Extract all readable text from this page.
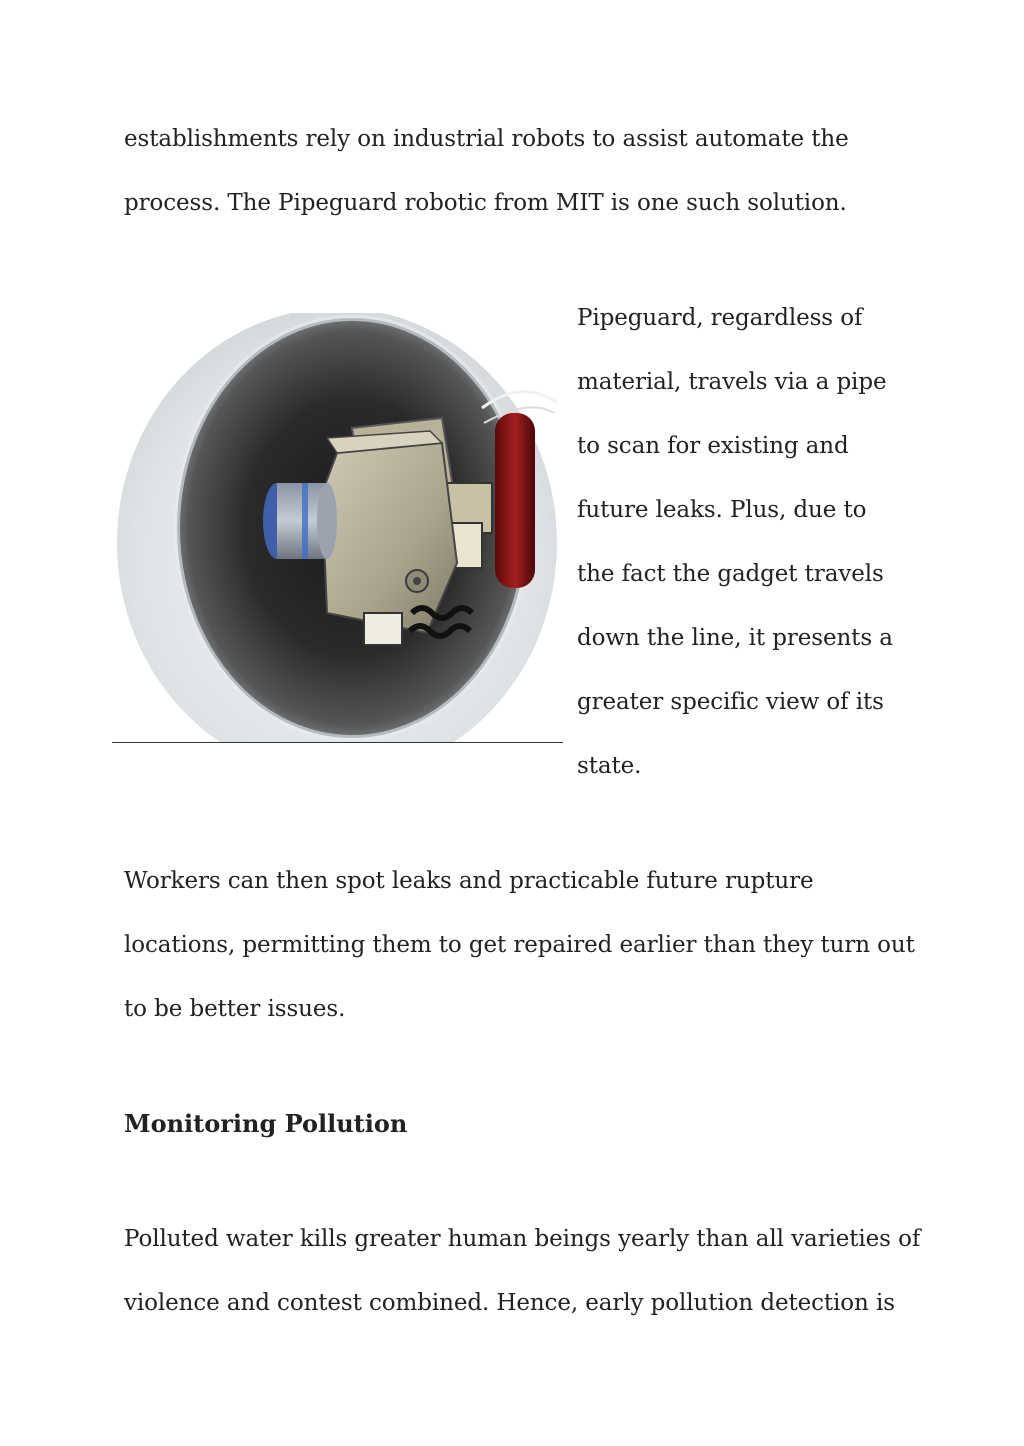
establishments rely on industrial robots to assist automate the

process. The Pipeguard robotic from MIT is one such solution.

Pipeguard, regardless of

material, travels via a pipe

to scan for existing and

future leaks. Plus, due to

the fact the gadget travels

down the line, it presents a

greater specific view of its

state.

Workers can then spot leaks and practicable future rupture

locations, permitting them to get repaired earlier than they turn out

to be better issues.

Monitoring Pollution

Polluted water kills greater human beings yearly than all varieties of

violence and contest combined. Hence, early pollution detection is
